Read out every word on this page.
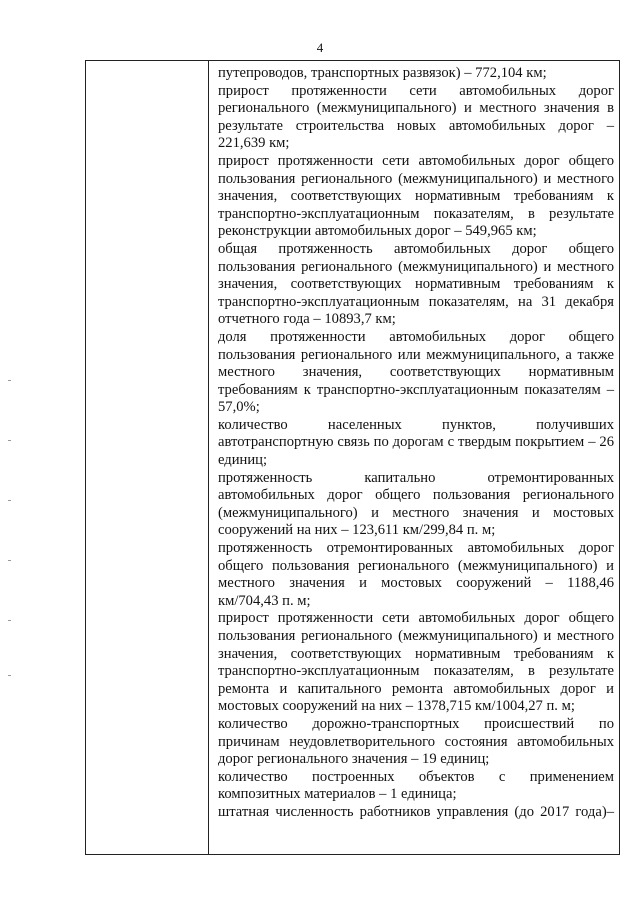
4

путепроводов, транспортных развязок) – 772,104 км;

прирост протяженности сети автомобильных дорог регионального (межмуниципального) и местного значения в результате строительства новых автомобильных дорог – 221,639 км;

прирост протяженности сети автомобильных дорог общего пользования регионального (межмуниципального) и местного значения, соответствующих нормативным требованиям к транспортно-эксплуатационным показателям, в результате реконструкции автомобильных дорог – 549,965 км;

общая протяженность автомобильных дорог общего пользования регионального (межмуниципального) и местного значения, соответствующих нормативным требованиям к транспортно-эксплуатационным показателям, на 31 декабря отчетного года – 10893,7 км;

доля протяженности автомобильных дорог общего пользования регионального или межмуниципального, а также местного значения, соответствующих нормативным требованиям к транспортно-эксплуатационным показателям – 57,0%;

количество населенных пунктов, получивших автотранспортную связь по дорогам с твердым покрытием – 26 единиц;

протяженность капитально отремонтированных автомобильных дорог общего пользования регионального (межмуниципального) и местного значения и мостовых сооружений на них – 123,611 км/299,84 п. м;

протяженность отремонтированных автомобильных дорог общего пользования регионального (межмуниципального) и местного значения и мостовых сооружений – 1188,46 км/704,43 п. м;

прирост протяженности сети автомобильных дорог общего пользования регионального (межмуниципального) и местного значения, соответствующих нормативным требованиям к транспортно-эксплуатационным показателям, в результате ремонта и капитального ремонта автомобильных дорог и мостовых сооружений на них – 1378,715 км/1004,27 п. м;

количество дорожно-транспортных происшествий по причинам неудовлетворительного состояния автомобильных дорог регионального значения – 19 единиц;

количество построенных объектов с применением композитных материалов – 1 единица;

штатная численность работников управления (до 2017 года)–
